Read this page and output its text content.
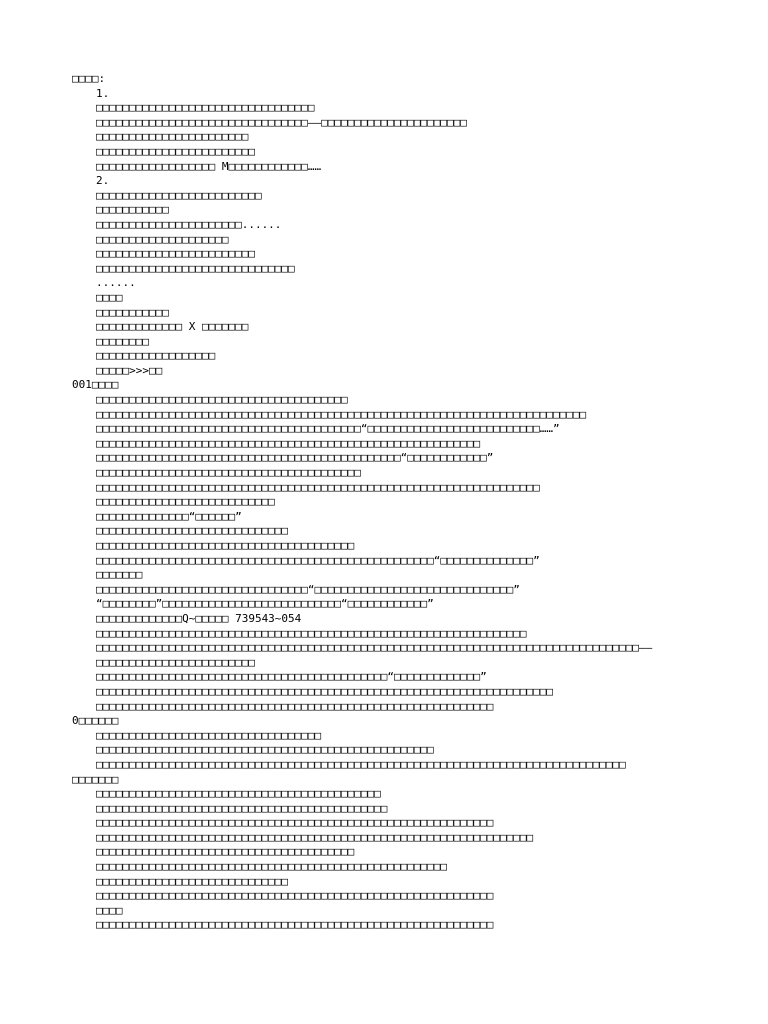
□□□□:
1.
□□□□□□□□□□□□□□□□□□□□□□□□□□□□□□□□□
□□□□□□□□□□□□□□□□□□□□□□□□□□□□□□□□——□□□□□□□□□□□□□□□□□□□□□□
□□□□□□□□□□□□□□□□□□□□□□□
□□□□□□□□□□□□□□□□□□□□□□□□
□□□□□□□□□□□□□□□□□□ M□□□□□□□□□□□□……
2.
□□□□□□□□□□□□□□□□□□□□□□□□□
□□□□□□□□□□□
□□□□□□□□□□□□□□□□□□□□□□......
□□□□□□□□□□□□□□□□□□□□
□□□□□□□□□□□□□□□□□□□□□□□□
□□□□□□□□□□□□□□□□□□□□□□□□□□□□□□
......
□□□□
□□□□□□□□□□□
□□□□□□□□□□□□□ X □□□□□□□
□□□□□□□□
□□□□□□□□□□□□□□□□□□
□□□□□>>>□□
001□□□□
□□□□□□□□□□□□□□□□□□□□□□□□□□□□□□□□□□□□□□
□□□□□□□□□□□□□□□□□□□□□□□□□□□□□□□□□□□□□□□□□□□□□□□□□□□□□□□□□□□□□□□□□□□□□□□□□□
□□□□□□□□□□□□□□□□□□□□□□□□□□□□□□□□□□□□□□□□“□□□□□□□□□□□□□□□□□□□□□□□□□□……”
□□□□□□□□□□□□□□□□□□□□□□□□□□□□□□□□□□□□□□□□□□□□□□□□□□□□□□□□□□
□□□□□□□□□□□□□□□□□□□□□□□□□□□□□□□□□□□□□□□□□□□□□□“□□□□□□□□□□□□”
□□□□□□□□□□□□□□□□□□□□□□□□□□□□□□□□□□□□□□□□
□□□□□□□□□□□□□□□□□□□□□□□□□□□□□□□□□□□□□□□□□□□□□□□□□□□□□□□□□□□□□□□□□□□
□□□□□□□□□□□□□□□□□□□□□□□□□□□
□□□□□□□□□□□□□□“□□□□□□”
□□□□□□□□□□□□□□□□□□□□□□□□□□□□□
□□□□□□□□□□□□□□□□□□□□□□□□□□□□□□□□□□□□□□□
□□□□□□□□□□□□□□□□□□□□□□□□□□□□□□□□□□□□□□□□□□□□□□□□□□□“□□□□□□□□□□□□□□”
□□□□□□□
□□□□□□□□□□□□□□□□□□□□□□□□□□□□□□□□“□□□□□□□□□□□□□□□□□□□□□□□□□□□□□□”
“□□□□□□□□”□□□□□□□□□□□□□□□□□□□□□□□□□□□“□□□□□□□□□□□□”
□□□□□□□□□□□□□Q~□□□□□ 739543~054
□□□□□□□□□□□□□□□□□□□□□□□□□□□□□□□□□□□□□□□□□□□□□□□□□□□□□□□□□□□□□□□□□
□□□□□□□□□□□□□□□□□□□□□□□□□□□□□□□□□□□□□□□□□□□□□□□□□□□□□□□□□□□□□□□□□□□□□□□□□□□□□□□□□□——
□□□□□□□□□□□□□□□□□□□□□□□□
□□□□□□□□□□□□□□□□□□□□□□□□□□□□□□□□□□□□□□□□□□□□“□□□□□□□□□□□□□”
□□□□□□□□□□□□□□□□□□□□□□□□□□□□□□□□□□□□□□□□□□□□□□□□□□□□□□□□□□□□□□□□□□□□□
□□□□□□□□□□□□□□□□□□□□□□□□□□□□□□□□□□□□□□□□□□□□□□□□□□□□□□□□□□□□
0□□□□□□
□□□□□□□□□□□□□□□□□□□□□□□□□□□□□□□□□□
□□□□□□□□□□□□□□□□□□□□□□□□□□□□□□□□□□□□□□□□□□□□□□□□□□□
□□□□□□□□□□□□□□□□□□□□□□□□□□□□□□□□□□□□□□□□□□□□□□□□□□□□□□□□□□□□□□□□□□□□□□□□□□□□□□□□
□□□□□□□
□□□□□□□□□□□□□□□□□□□□□□□□□□□□□□□□□□□□□□□□□□□
□□□□□□□□□□□□□□□□□□□□□□□□□□□□□□□□□□□□□□□□□□□□
□□□□□□□□□□□□□□□□□□□□□□□□□□□□□□□□□□□□□□□□□□□□□□□□□□□□□□□□□□□□
□□□□□□□□□□□□□□□□□□□□□□□□□□□□□□□□□□□□□□□□□□□□□□□□□□□□□□□□□□□□□□□□□□
□□□□□□□□□□□□□□□□□□□□□□□□□□□□□□□□□□□□□□□
□□□□□□□□□□□□□□□□□□□□□□□□□□□□□□□□□□□□□□□□□□□□□□□□□□□□□
□□□□□□□□□□□□□□□□□□□□□□□□□□□□□
□□□□□□□□□□□□□□□□□□□□□□□□□□□□□□□□□□□□□□□□□□□□□□□□□□□□□□□□□□□□
□□□□
□□□□□□□□□□□□□□□□□□□□□□□□□□□□□□□□□□□□□□□□□□□□□□□□□□□□□□□□□□□□
